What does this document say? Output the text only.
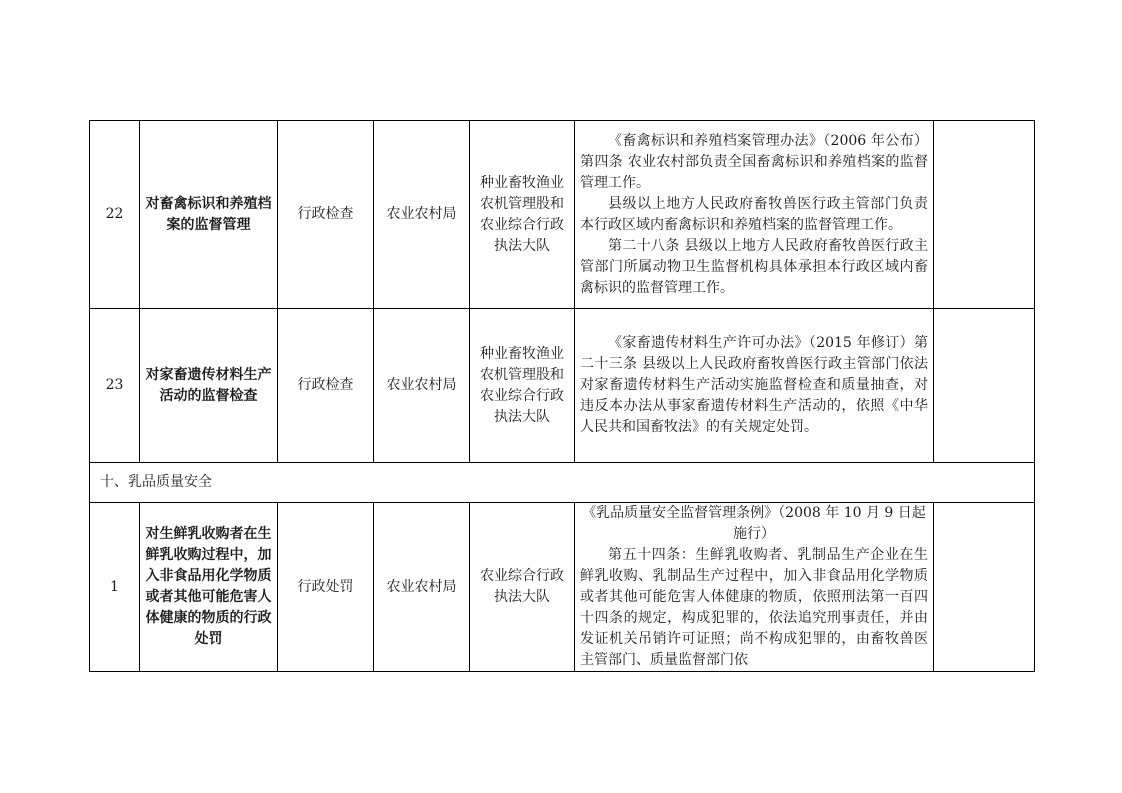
22	对畜禽标识和养殖档案的监督管理	行政检查	农业农村局	种业畜牧渔业农机管理股和农业综合行政执法大队	《畜禽标识和养殖档案管理办法》（2006 年公布）第四条 农业农村部负责全国畜禽标识和养殖档案的监督管理工作。

县级以上地方人民政府畜牧兽医行政主管部门负责本行政区域内畜禽标识和养殖档案的监督管理工作。

第二十八条 县级以上地方人民政府畜牧兽医行政主管部门所属动物卫生监督机构具体承担本行政区域内畜禽标识的监督管理工作。	

23	对家畜遗传材料生产活动的监督检查	行政检查	农业农村局	种业畜牧渔业农机管理股和农业综合行政执法大队	《家畜遗传材料生产许可办法》（2015 年修订）第二十三条 县级以上人民政府畜牧兽医行政主管部门依法对家畜遗传材料生产活动实施监督检查和质量抽查，对违反本办法从事家畜遗传材料生产活动的，依照《中华人民共和国畜牧法》的有关规定处罚。	

十、乳品质量安全						
1	对生鲜乳收购者在生鲜乳收购过程中，加入非食品用化学物质或者其他可能危害人体健康的物质的行政处罚	行政处罚	农业农村局	农业综合行政执法大队	《乳品质量安全监督管理条例》（2008 年 10 月 9 日起施行）

第五十四条：生鲜乳收购者、乳制品生产企业在生鲜乳收购、乳制品生产过程中，加入非食品用化学物质或者其他可能危害人体健康的物质，依照刑法第一百四十四条的规定，构成犯罪的，依法追究刑事责任，并由发证机关吊销许可证照；尚不构成犯罪的，由畜牧兽医主管部门、质量监督部门依	
